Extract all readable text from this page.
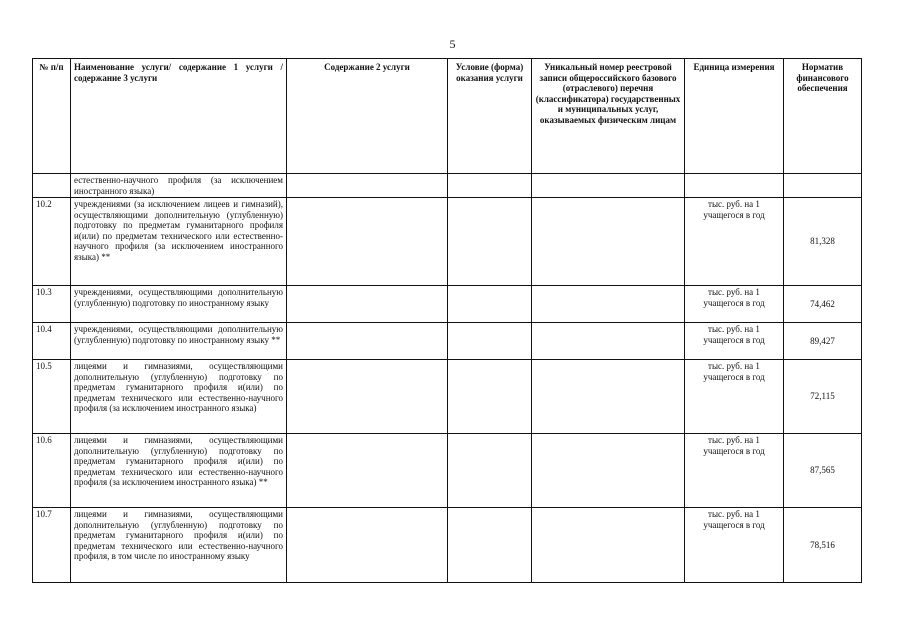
5
№ п/п	Наименование услуги/ содержание 1 услуги / содержание 3 услуги	Содержание 2 услуги	Условие (форма) оказания услуги	Уникальный номер реестровой записи общероссийского базового (отраслевого) перечня (классификатора) государственных и муниципальных услуг, оказываемых физическим лицам	Единица измерения	Норматив финансового обеспечения
	естественно-научного профиля (за исключением иностранного языка)					
10.2	учреждениями (за исключением лицеев и гимназий), осуществляющими дополнительную (углубленную) подготовку по предметам гуманитарного профиля и(или) по предметам технического или естественно-научного профиля (за исключением иностранного языка) **				тыс. руб. на 1 учащегося в год	81,328
10.3	учреждениями, осуществляющими дополнительную (углубленную) подготовку по иностранному языку				тыс. руб. на 1 учащегося в год	74,462
10.4	учреждениями, осуществляющими дополнительную (углубленную) подготовку по иностранному языку **				тыс. руб. на 1 учащегося в год	89,427
10.5	лицеями и гимназиями, осуществляющими дополнительную (углубленную) подготовку по предметам гуманитарного профиля и(или) по предметам технического или естественно-научного профиля (за исключением иностранного языка)				тыс. руб. на 1 учащегося в год	72,115
10.6	лицеями и гимназиями, осуществляющими дополнительную (углубленную) подготовку по предметам гуманитарного профиля и(или) по предметам технического или естественно-научного профиля (за исключением иностранного языка) **				тыс. руб. на 1 учащегося в год	87,565
10.7	лицеями и гимназиями, осуществляющими дополнительную (углубленную) подготовку по предметам гуманитарного профиля и(или) по предметам технического или естественно-научного профиля, в том числе по иностранному языку				тыс. руб. на 1 учащегося в год	78,516
